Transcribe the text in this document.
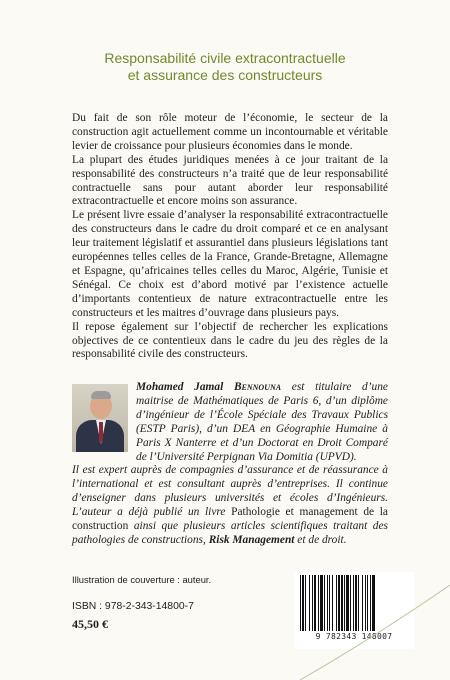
Responsabilité civile extracontractuelle
et assurance des constructeurs

Du fait de son rôle moteur de l’économie, le secteur de la construction agit actuellement comme un incontournable et véritable levier de croissance pour plusieurs économies dans le monde.

La plupart des études juridiques menées à ce jour traitant de la responsabilité des constructeurs n’a traité que de leur responsabilité contractuelle sans pour autant aborder leur responsabilité extracontractuelle et encore moins son assurance.

Le présent livre essaie d’analyser la responsabilité extracontractuelle des constructeurs dans le cadre du droit comparé et ce en analysant leur traitement législatif et assurantiel dans plusieurs législations tant européennes telles celles de la France, Grande-Bretagne, Allemagne et Espagne, qu’africaines telles celles du Maroc, Algérie, Tunisie et Sénégal. Ce choix est d’abord motivé par l’existence actuelle d’importants contentieux de nature extracontractuelle entre les constructeurs et les maitres d’ouvrage dans plusieurs pays.

Il repose également sur l’objectif de rechercher les explications objectives de ce contentieux dans le cadre du jeu des règles de la responsabilité civile des constructeurs.

Mohamed Jamal Bennouna est titulaire d’une maitrise de Mathématiques de Paris 6, d’un diplôme d’ingénieur de l’École Spéciale des Travaux Publics (ESTP Paris), d’un DEA en Géographie Humaine à Paris X Nanterre et d’un Doctorat en Droit Comparé de l’Université Perpignan Via Domitia (UPVD).

Il est expert auprès de compagnies d’assurance et de réassurance à l’international et est consultant auprès d’entreprises. Il continue d’enseigner dans plusieurs universités et écoles d’Ingénieurs. L’auteur a déjà publié un livre Pathologie et management de la construction ainsi que plusieurs articles scientifiques traitant des pathologies de constructions, Risk Management et de droit.

Illustration de couverture : auteur.
ISBN : 978-2-343-14800-7
45,50 €
9 782343 148007
